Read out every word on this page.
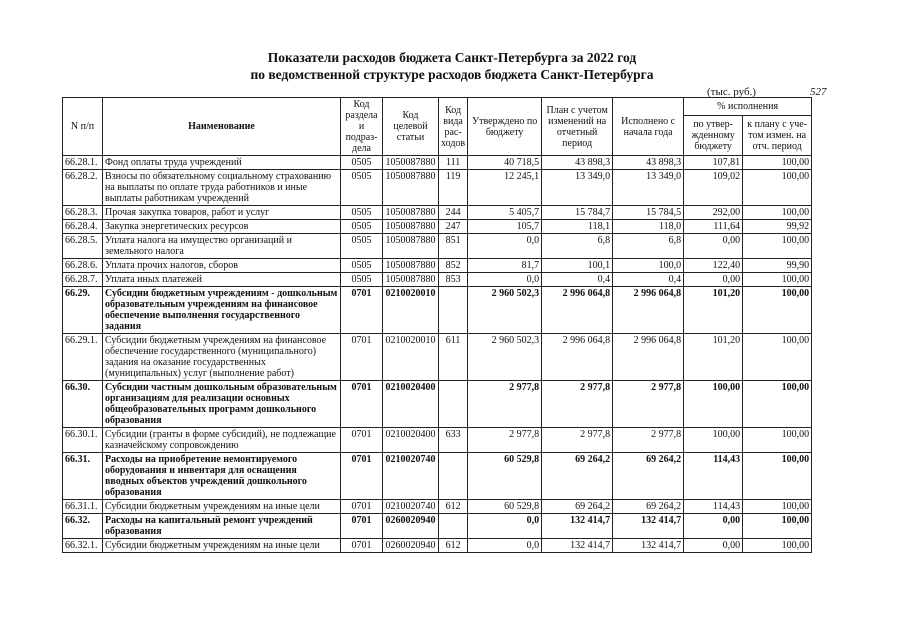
Показатели расходов бюджета Санкт-Петербурга за 2022 год
по ведомственной структуре расходов бюджета Санкт-Петербурга
(тыс. руб.)	527
N п/п	Наименование	Код раздела и подраз-дела	Код целевой статьи	Код вида рас-ходов	Утверждено по бюджету	План с учетом изменений на отчетный период	Исполнено с начала года	% исполнения	
								по утвер-жденному бюджету	к плану с уче-том измен. на отч. период
66.28.1.	Фонд оплаты труда учреждений	0505	1050087880	111	40 718,5	43 898,3	43 898,3	107,81	100,00
66.28.2.	Взносы по обязательному социальному страхованию на выплаты по оплате труда работников и иные выплаты работникам учреждений	0505	1050087880	119	12 245,1	13 349,0	13 349,0	109,02	100,00
66.28.3.	Прочая закупка товаров, работ и услуг	0505	1050087880	244	5 405,7	15 784,7	15 784,5	292,00	100,00
66.28.4.	Закупка энергетических ресурсов	0505	1050087880	247	105,7	118,1	118,0	111,64	99,92
66.28.5.	Уплата налога на имущество организаций и земельного налога	0505	1050087880	851	0,0	6,8	6,8	0,00	100,00
66.28.6.	Уплата прочих налогов, сборов	0505	1050087880	852	81,7	100,1	100,0	122,40	99,90
66.28.7.	Уплата иных платежей	0505	1050087880	853	0,0	0,4	0,4	0,00	100,00
66.29.	Субсидии бюджетным учреждениям - дошкольным образовательным учреждениям на финансовое обеспечение выполнения государственного задания	0701	0210020010		2 960 502,3	2 996 064,8	2 996 064,8	101,20	100,00
66.29.1.	Субсидии бюджетным учреждениям на финансовое обеспечение государственного (муниципального) задания на оказание государственных (муниципальных) услуг (выполнение работ)	0701	0210020010	611	2 960 502,3	2 996 064,8	2 996 064,8	101,20	100,00
66.30.	Субсидии частным дошкольным образовательным организациям для реализации основных общеобразовательных программ дошкольного образования	0701	0210020400		2 977,8	2 977,8	2 977,8	100,00	100,00
66.30.1.	Субсидии (гранты в форме субсидий), не подлежащие казначейскому сопровождению	0701	0210020400	633	2 977,8	2 977,8	2 977,8	100,00	100,00
66.31.	Расходы на приобретение немонтируемого оборудования и инвентаря для оснащения вводных объектов учреждений дошкольного образования	0701	0210020740		60 529,8	69 264,2	69 264,2	114,43	100,00
66.31.1.	Субсидии бюджетным учреждениям на иные цели	0701	0210020740	612	60 529,8	69 264,2	69 264,2	114,43	100,00
66.32.	Расходы на капитальный ремонт учреждений образования	0701	0260020940		0,0	132 414,7	132 414,7	0,00	100,00
66.32.1.	Субсидии бюджетным учреждениям на иные цели	0701	0260020940	612	0,0	132 414,7	132 414,7	0,00	100,00
